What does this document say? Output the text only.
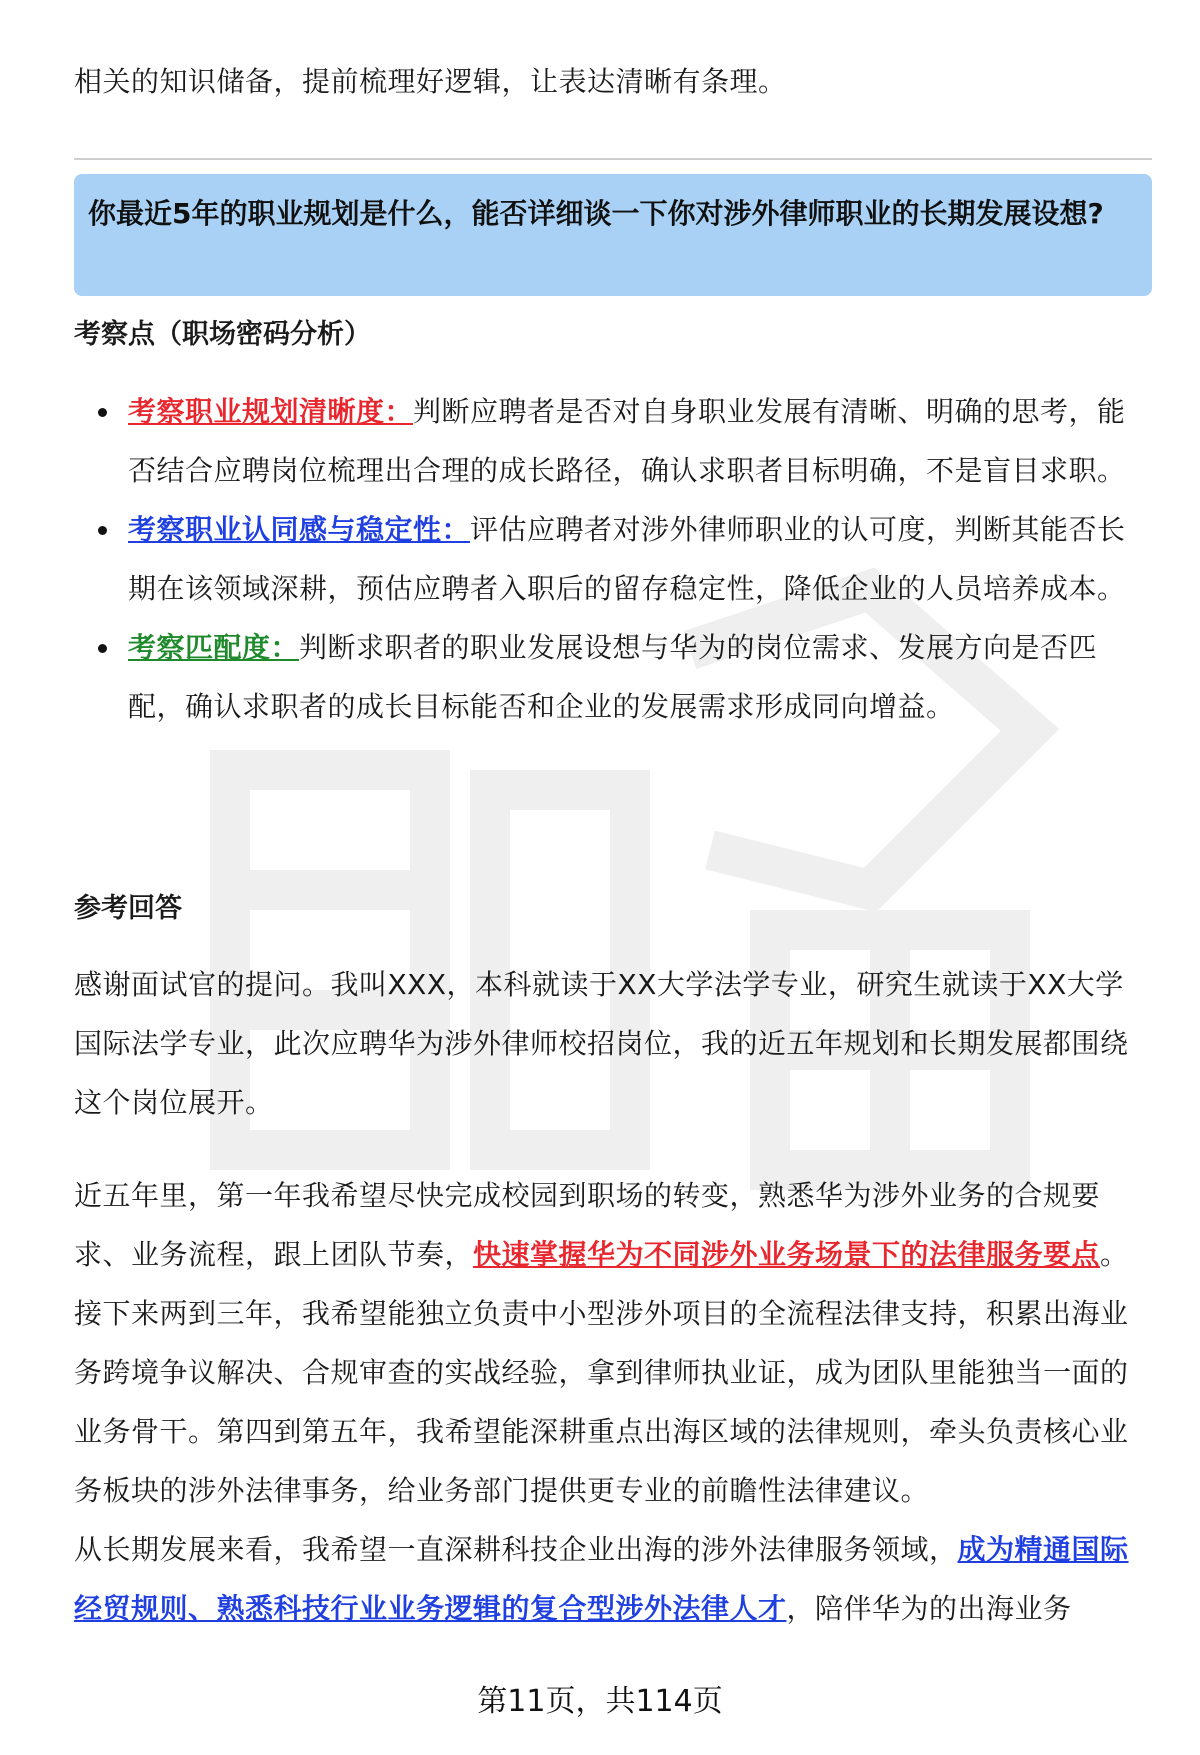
相关的知识储备，提前梳理好逻辑，让表达清晰有条理。

你最近5年的职业规划是什么，能否详细谈一下你对涉外律师职业的长期发展设想?
考察点（职场密码分析）
考察职业规划清晰度：判断应聘者是否对自身职业发展有清晰、明确的思考，能否结合应聘岗位梳理出合理的成长路径，确认求职者目标明确，不是盲目求职。
考察职业认同感与稳定性：评估应聘者对涉外律师职业的认可度，判断其能否长期在该领域深耕，预估应聘者入职后的留存稳定性，降低企业的人员培养成本。
考察匹配度：判断求职者的职业发展设想与华为的岗位需求、发展方向是否匹配，确认求职者的成长目标能否和企业的发展需求形成同向增益。
参考回答

感谢面试官的提问。我叫XXX，本科就读于XX大学法学专业，研究生就读于XX大学国际法学专业，此次应聘华为涉外律师校招岗位，我的近五年规划和长期发展都围绕这个岗位展开。

近五年里，第一年我希望尽快完成校园到职场的转变，熟悉华为涉外业务的合规要求、业务流程，跟上团队节奏，快速掌握华为不同涉外业务场景下的法律服务要点。接下来两到三年，我希望能独立负责中小型涉外项目的全流程法律支持，积累出海业务跨境争议解决、合规审查的实战经验，拿到律师执业证，成为团队里能独当一面的业务骨干。第四到第五年，我希望能深耕重点出海区域的法律规则，牵头负责核心业务板块的涉外法律事务，给业务部门提供更专业的前瞻性法律建议。

从长期发展来看，我希望一直深耕科技企业出海的涉外法律服务领域，成为精通国际经贸规则、熟悉科技行业业务逻辑的复合型涉外法律人才，陪伴华为的出海业务

第11页，共114页
